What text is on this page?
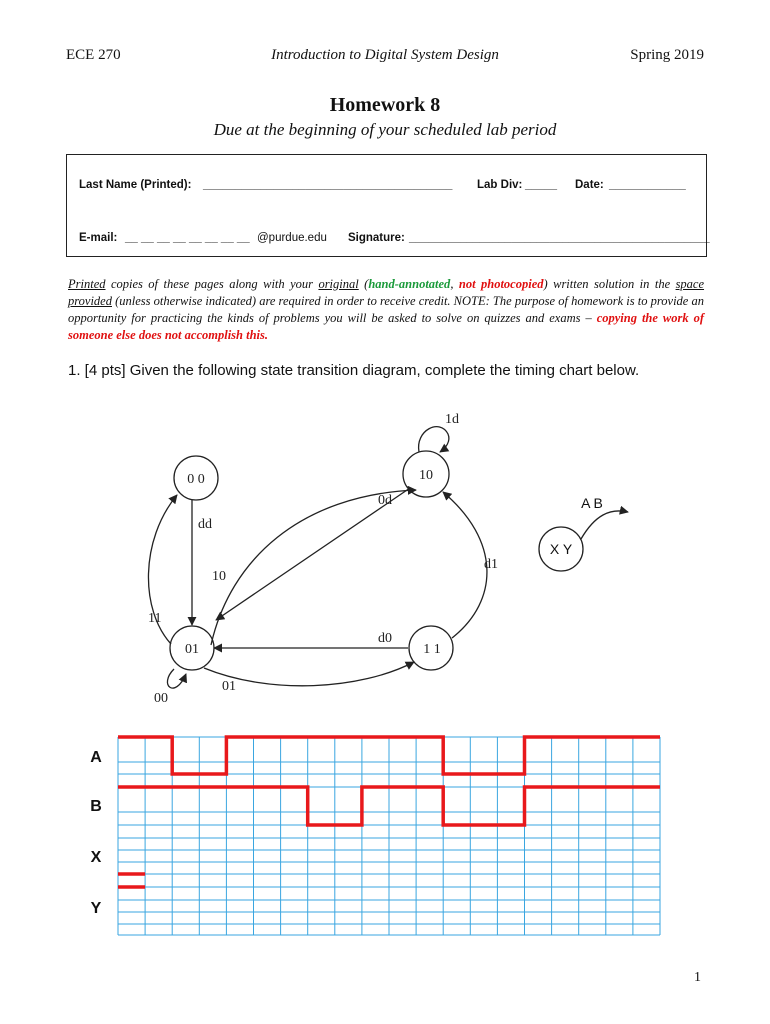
ECE 270	Introduction to Digital System Design	Spring 2019
Homework 8
Due at the beginning of your scheduled lab period
Last Name (Printed): _______________________________________ Lab Div: _____ Date: ____________
E-mail: __ __ __ __ __ __ __ __ @purdue.edu Signature: _______________________________________________
Printed copies of these pages along with your original (hand-annotated, not photocopied) written solution in the space provided (unless otherwise indicated) are required in order to receive credit. NOTE: The purpose of homework is to provide an opportunity for practicing the kinds of problems you will be asked to solve on quizzes and exams – copying the work of someone else does not accomplish this.
1. [4 pts] Given the following state transition diagram, complete the timing chart below.
0 0	10
01	1 1
X Y
A B
1d
0d
dd
10
11
d0
d1
01
00
A
B
X
Y
1
